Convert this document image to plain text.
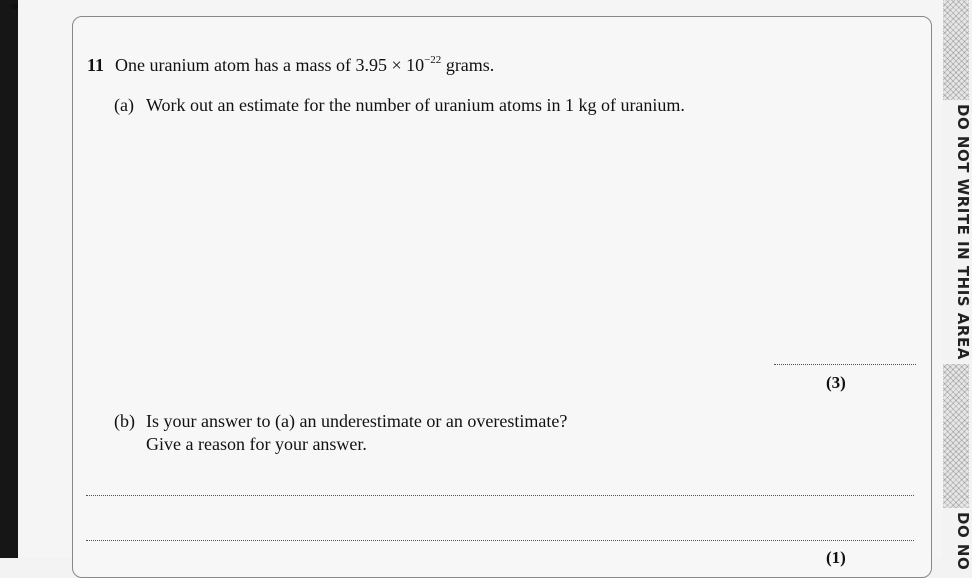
DO NOT WRITE IN THIS AREA
DO NO
11 One uranium atom has a mass of $3.95 \times 10^{-22}$ grams.
(a) Work out an estimate for the number of uranium atoms in 1 kg of uranium.
(3)
(b) Is your answer to (a) an underestimate or an overestimate?
Give a reason for your answer.
(1)
